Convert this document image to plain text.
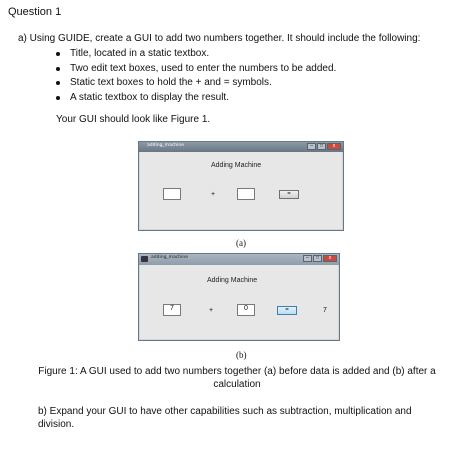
Question 1
a) Using GUIDE, create a GUI to add two numbers together. It should include the following:
Title, located in a static textbox.
Two edit text boxes, used to enter the numbers to be added.
Static text boxes to hold the + and = symbols.
A static textbox to display the result.
Your GUI should look like Figure 1.
adding_machine	–	□	x
Adding Machine
+	=
(a)
adding_machine	–	□	x
Adding Machine
7	+	0	=	7
(b)
Figure 1: A GUI used to add two numbers together (a) before data is added and (b) after a calculation
b) Expand your GUI to have other capabilities such as subtraction, multiplication and division.
